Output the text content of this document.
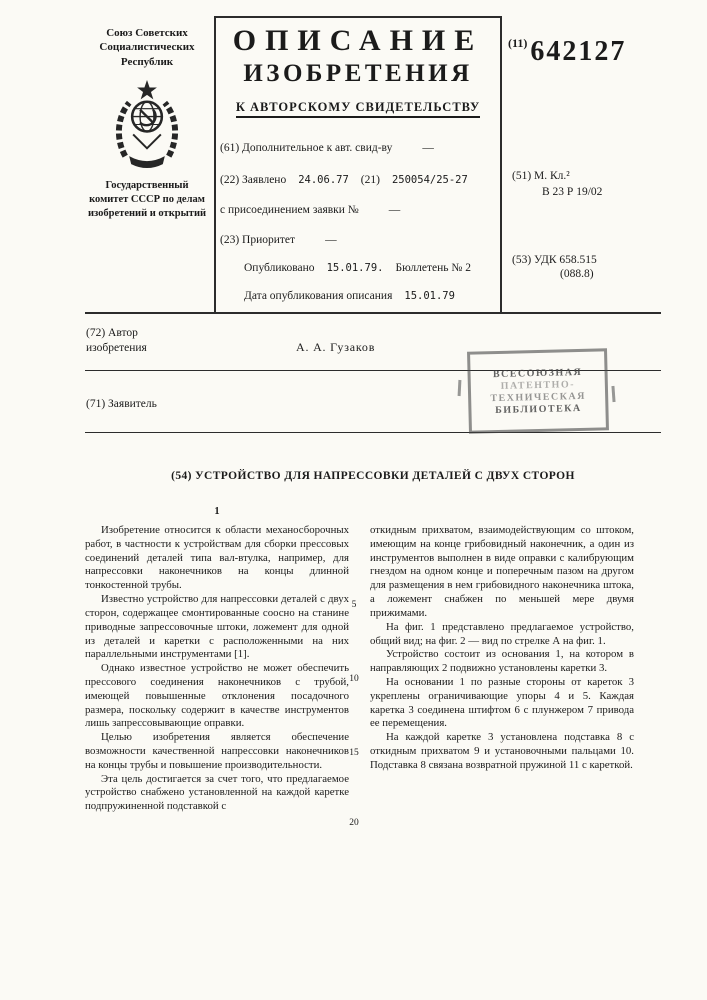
Союз Советских Социалистических Республик
Государственный комитет СССР по делам изобретений и открытий
ОПИСАНИЕ
ИЗОБРЕТЕНИЯ
К АВТОРСКОМУ СВИДЕТЕЛЬСТВУ
$^{(11)}$ 642127
(61) Дополнительное к авт. свид-ву	—
(22) Заявлено 24.06.77 (21) 250054/25-27
с присоединением заявки №	—
(23) Приоритет	—
Опубликовано 15.01.79. Бюллетень № 2
Дата опубликования описания 15.01.79
(51) М. Кл.²
В 23 Р 19/02
(53) УДК 658.515
(088.8)
(72) Автор изобретения	А. А. Гузаков
(71) Заявитель
ВСЕСОЮЗНАЯ
ПАТЕНТНО-
ТЕХНИЧЕСКАЯ
БИБЛИОТЕКА
(54) УСТРОЙСТВО ДЛЯ НАПРЕССОВКИ ДЕТАЛЕЙ С ДВУХ СТОРОН
1

Изобретение относится к области механосборочных работ, в частности к устройствам для сборки прессовых соединений деталей типа вал-втулка, например, для напрессовки наконечников на концы длинной тонкостенной трубы.

Известно устройство для напрессовки деталей с двух сторон, содержащее смонтированные соосно на станине приводные запрессовочные штоки, ложемент для одной из деталей и каретки с расположенными на них параллельными инструментами [1].

Однако известное устройство не может обеспечить прессового соединения наконечников с трубой, имеющей повышенные отклонения посадочного размера, поскольку содержит в качестве инструментов лишь запрессовывающие оправки.

Целью изобретения является обеспечение возможности качественной напрессовки наконечников на концы трубы и повышение производительности.

Эта цель достигается за счет того, что предлагаемое устройство снабжено установленной на каждой каретке подпружиненной подставкой с

откидным прихватом, взаимодействующим со штоком, имеющим на конце грибовидный наконечник, а один из инструментов выполнен в виде оправки с калибрующим гнездом на одном конце и поперечным пазом на другом для размещения в нем грибовидного наконечника штока, а ложемент снабжен по меньшей мере двумя прижимами.

На фиг. 1 представлено предлагаемое устройство, общий вид; на фиг. 2 — вид по стрелке А на фиг. 1.

Устройство состоит из основания 1, на котором в направляющих 2 подвижно установлены каретки 3.

На основании 1 по разные стороны от кареток 3 укреплены ограничивающие упоры 4 и 5. Каждая каретка 3 соединена штифтом 6 с плунжером 7 привода ее перемещения.

На каждой каретке 3 установлена подставка 8 с откидным прихватом 9 и установочными пальцами 10. Подставка 8 связана возвратной пружиной 11 с кареткой.

5
10
15
20
